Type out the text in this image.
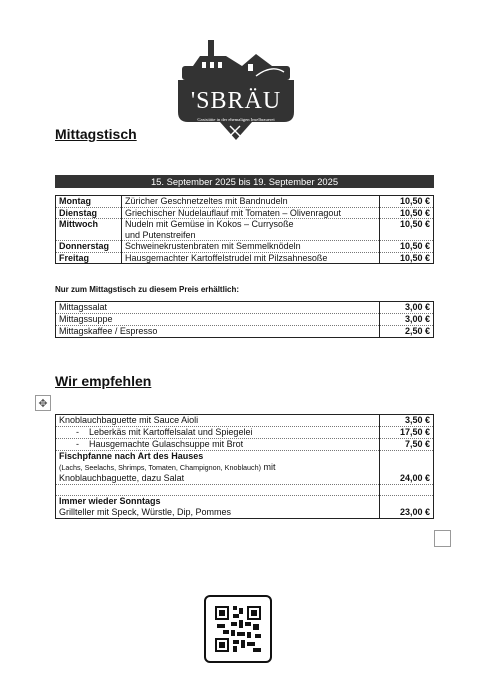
'SBRÄU
Gaststätte in der ehemaligen Inselbrauerei
Mittagstisch
15. September 2025 bis 19. September 2025
Montag	Züricher Geschnetzeltes mit Bandnudeln	10,50 €
Dienstag	Griechischer Nudelauflauf mit Tomaten – Olivenragout	10,50 €
Mittwoch	Nudeln mit Gemüse in Kokos – Currysoße
und Putenstreifen	10,50 €
Donnerstag	Schweinekrustenbraten mit Semmelknödeln	10,50 €
Freitag	Hausgemachter Kartoffelstrudel mit Pilzsahnesoße	10,50 €
Nur zum Mittagstisch zu diesem Preis erhältlich:
Mittagssalat	3,00 €
Mittagssuppe	3,00 €
Mittagskaffee / Espresso	2,50 €
Wir empfehlen
✥
Knoblauchbaguette mit Sauce Aioli	3,50 €
- Leberkäs mit Kartoffelsalat und Spiegelei	17,50 €
- Hausgemachte Gulaschsuppe mit Brot	7,50 €

Fischpfanne nach Art des Hauses
(Lachs, Seelachs, Shrimps, Tomaten, Champignon, Knoblauch) mit
Knoblauchbaguette, dazu Salat	24,00 €

Immer wieder Sonntags
Grillteller mit Speck, Würstle, Dip, Pommes	23,00 €
